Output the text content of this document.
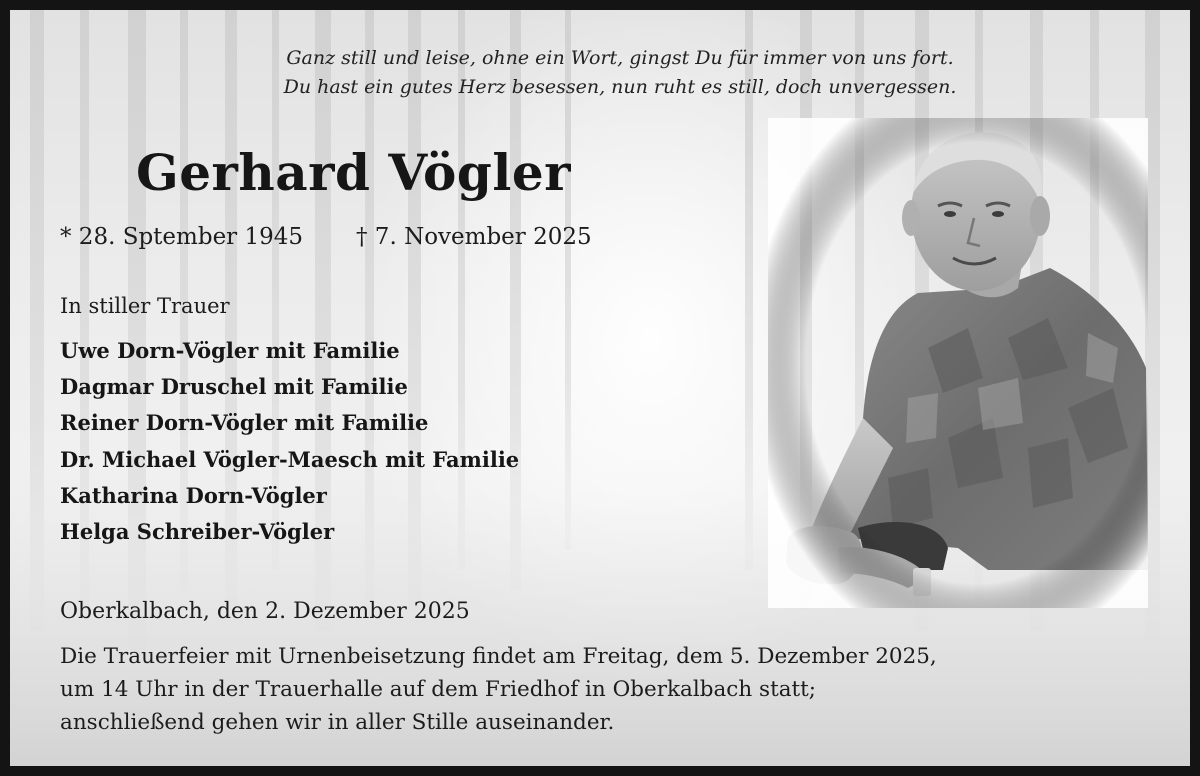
Ganz still und leise, ohne ein Wort, gingst Du für immer von uns fort.
Du hast ein gutes Herz besessen, nun ruht es still, doch unvergessen.
Gerhard Vögler
* 28. Sptember 1945 † 7. November 2025
In stiller Trauer
Uwe Dorn-Vögler mit Familie
Dagmar Druschel mit Familie
Reiner Dorn-Vögler mit Familie
Dr. Michael Vögler-Maesch mit Familie
Katharina Dorn-Vögler
Helga Schreiber-Vögler
Oberkalbach, den 2. Dezember 2025
Die Trauerfeier mit Urnenbeisetzung findet am Freitag, dem 5. Dezember 2025,
um 14 Uhr in der Trauerhalle auf dem Friedhof in Oberkalbach statt;
anschließend gehen wir in aller Stille auseinander.
